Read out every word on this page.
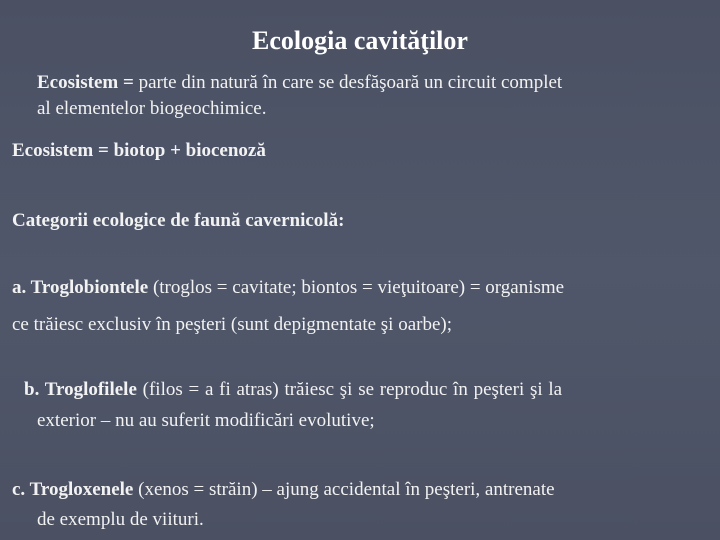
Ecologia cavităţilor
Ecosistem = parte din natură în care se desfăşoară un circuit complet
al elementelor biogeochimice.
Ecosistem = biotop + biocenoză
Categorii ecologice de faună cavernicolă:
a. Troglobiontele (troglos = cavitate; biontos = vieţuitoare) = organisme
ce trăiesc exclusiv în peşteri (sunt depigmentate şi oarbe);
b. Troglofilele (filos = a fi atras) trăiesc şi se reproduc în peşteri şi la
exterior – nu au suferit modificări evolutive;
c. Trogloxenele (xenos = străin) – ajung accidental în peşteri, antrenate
de exemplu de viituri.
